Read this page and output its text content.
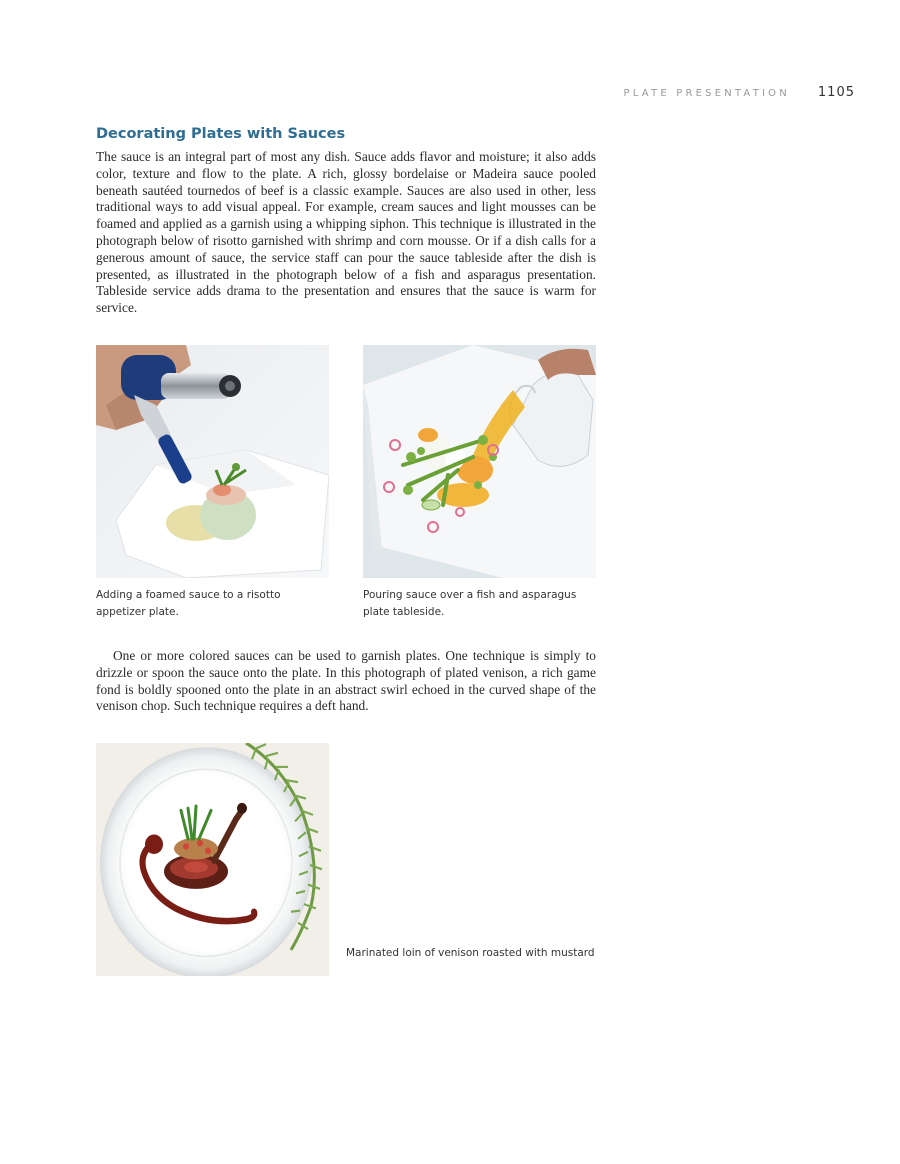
PLATE PRESENTATION 1105
Decorating Plates with Sauces

The sauce is an integral part of most any dish. Sauce adds flavor and moisture; it also adds color, texture and flow to the plate. A rich, glossy bordelaise or Madeira sauce pooled beneath sautéed tournedos of beef is a classic example. Sauces are also used in other, less traditional ways to add visual appeal. For example, cream sauces and light mousses can be foamed and applied as a garnish using a whipping siphon. This technique is illustrated in the photograph below of risotto garnished with shrimp and corn mousse. Or if a dish calls for a generous amount of sauce, the service staff can pour the sauce tableside after the dish is presented, as illustrated in the photograph below of a fish and asparagus presentation. Tableside service adds drama to the presentation and ensures that the sauce is warm for service.

Adding a foamed sauce to a risotto appetizer plate.

Pouring sauce over a fish and asparagus plate tableside.

One or more colored sauces can be used to garnish plates. One technique is simply to drizzle or spoon the sauce onto the plate. In this photograph of plated venison, a rich game fond is boldly spooned onto the plate in an abstract swirl echoed in the curved shape of the venison chop. Such technique requires a deft hand.

Marinated loin of venison roasted with mustard
